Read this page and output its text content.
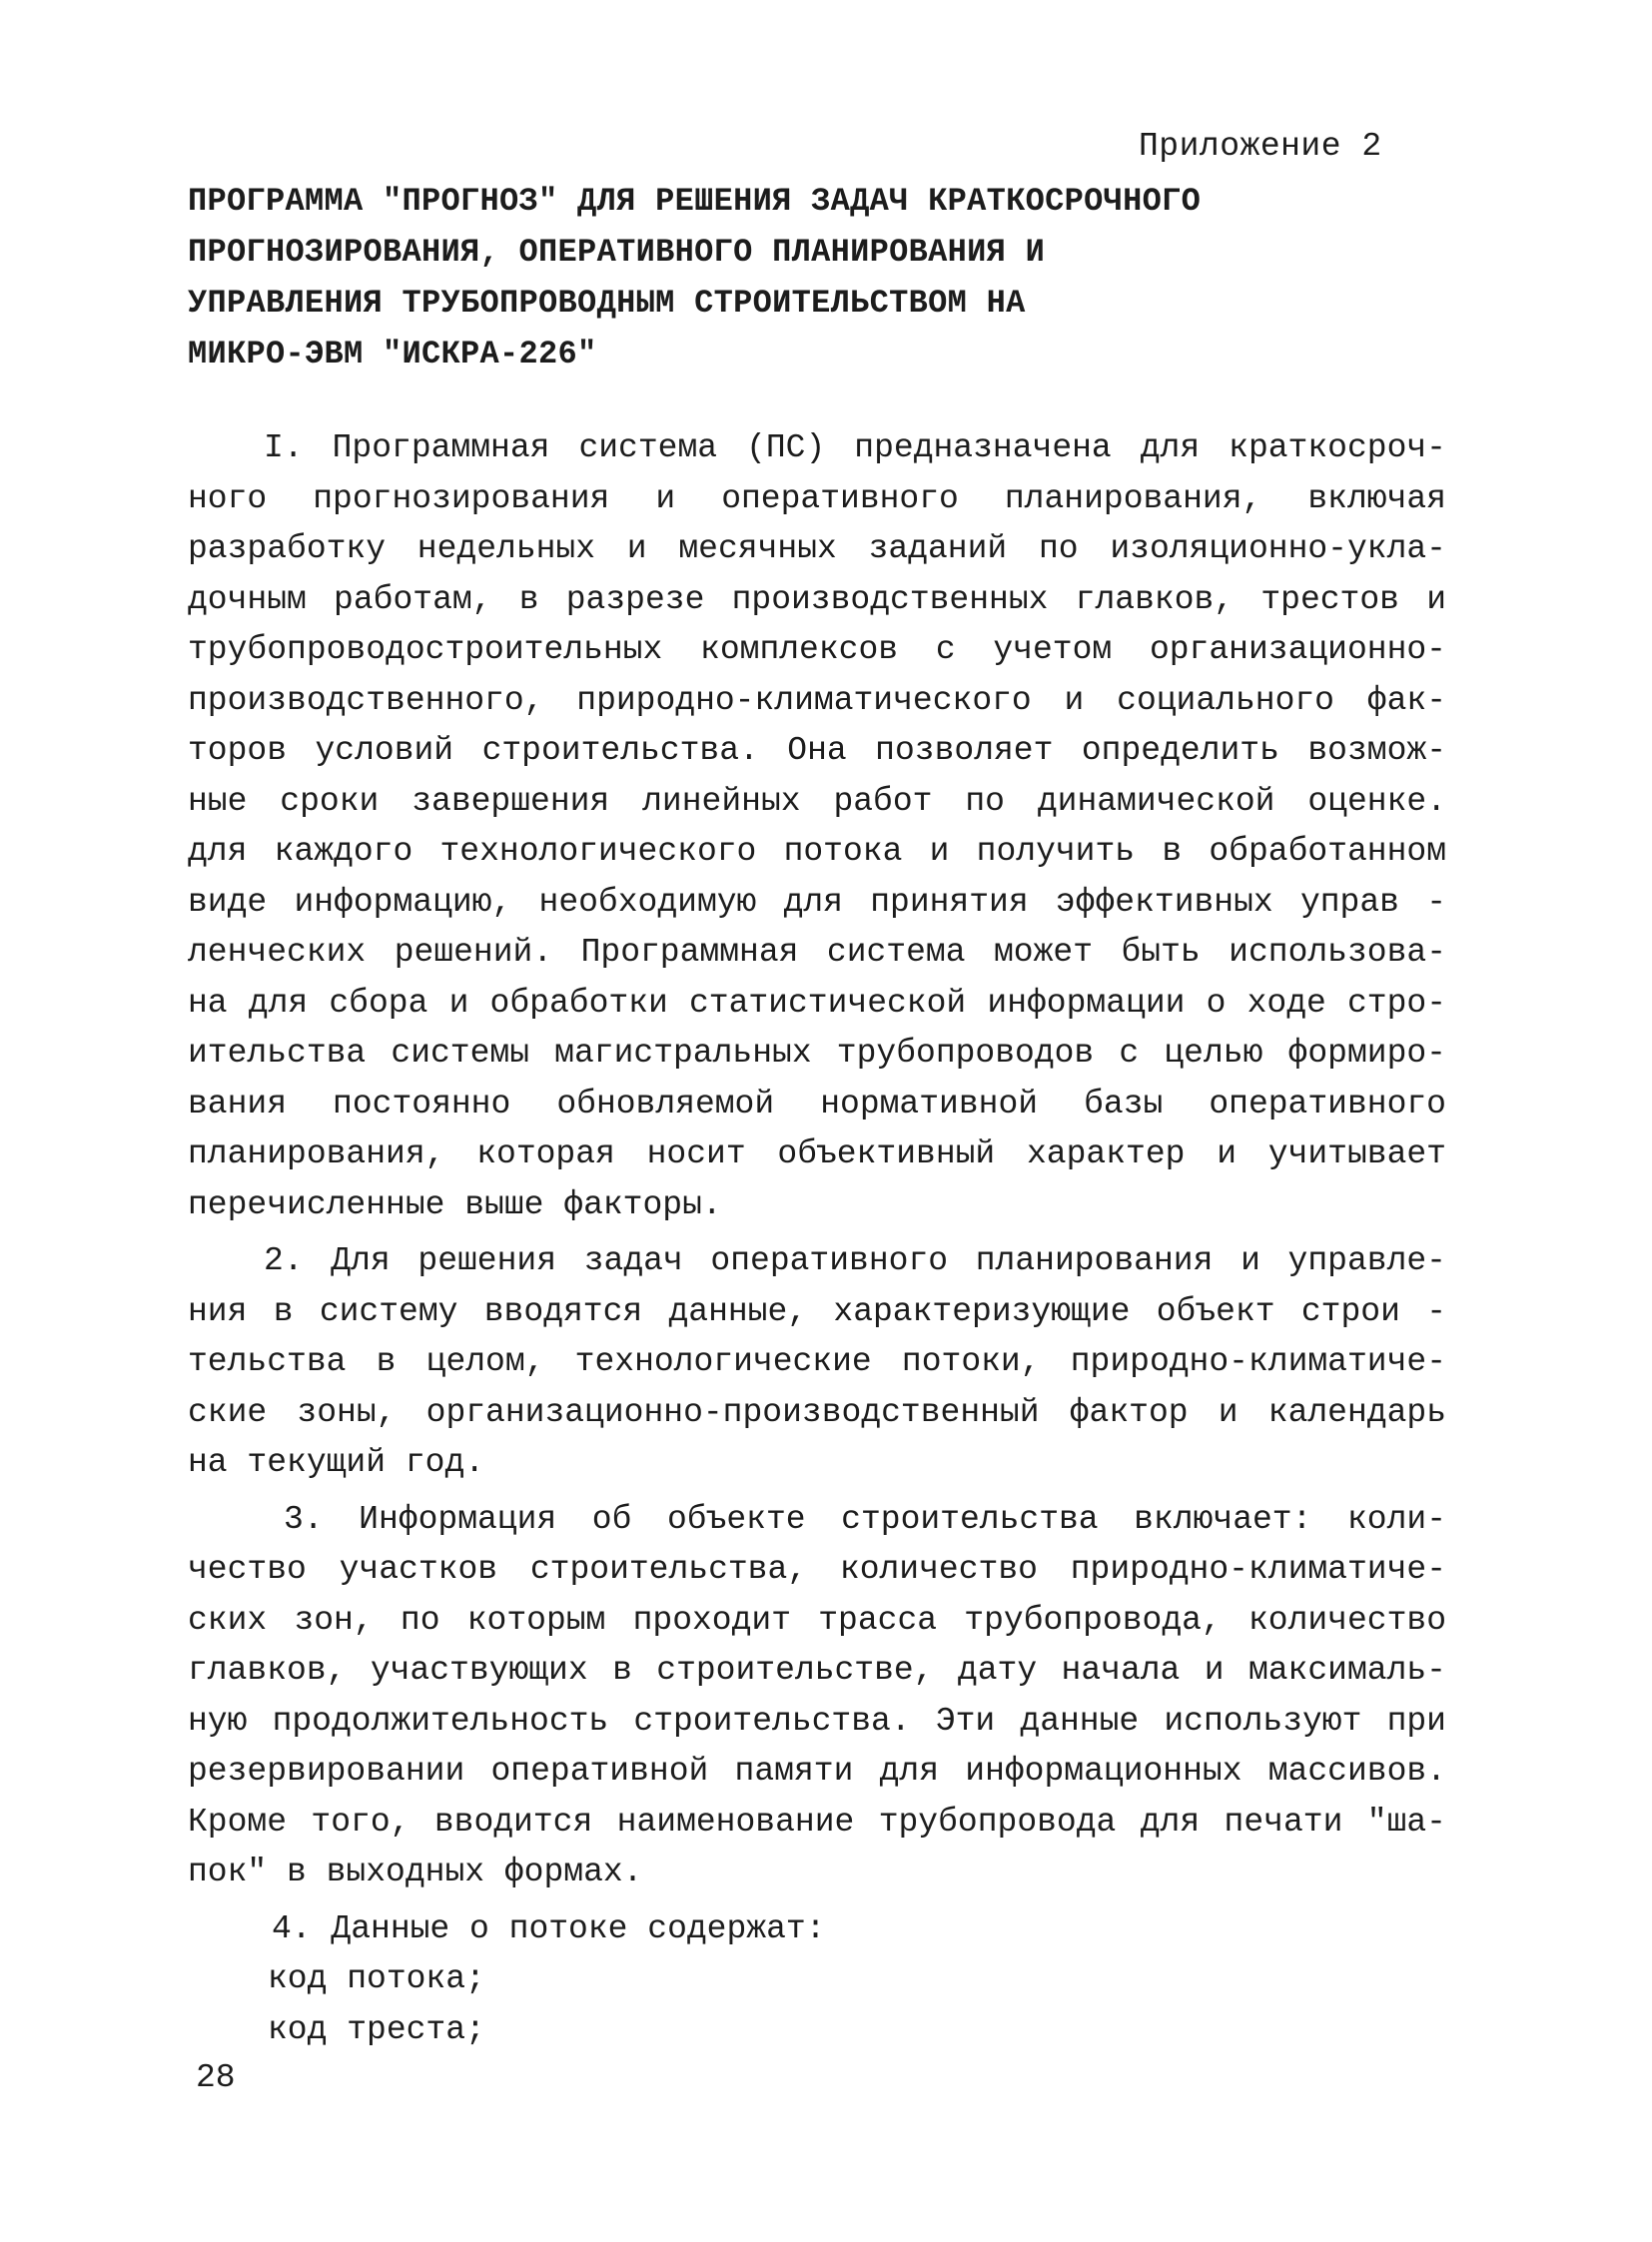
Приложение 2
ПРОГРАММА "ПРОГНОЗ" ДЛЯ РЕШЕНИЯ ЗАДАЧ КРАТКОСРОЧНОГО
ПРОГНОЗИРОВАНИЯ, ОПЕРАТИВНОГО ПЛАНИРОВАНИЯ И
УПРАВЛЕНИЯ ТРУБОПРОВОДНЫМ СТРОИТЕЛЬСТВОМ НА
МИКРО-ЭВМ "ИСКРА-226"
I. Программная система (ПС) предназначена для краткосроч-
ного прогнозирования и оперативного планирования, включая
разработку недельных и месячных заданий по изоляционно-укла-
дочным работам, в разрезе производственных главков, трестов и
трубопроводостроительных комплексов с учетом организационно-
производственного, природно-климатического и социального фак-
торов условий строительства. Она позволяет определить возмож-
ные сроки завершения линейных работ по динамической оценке.
для каждого технологического потока и получить в обработанном
виде информацию, необходимую для принятия эффективных управ -
ленческих решений. Программная система может быть использова-
на для сбора и обработки статистической информации о ходе стро-
ительства системы магистральных трубопроводов с целью формиро-
вания постоянно обновляемой нормативной базы оперативного
планирования, которая носит объективный характер и учитывает
перечисленные выше факторы.
2. Для решения задач оперативного планирования и управле-
ния в систему вводятся данные, характеризующие объект строи -
тельства в целом, технологические потоки, природно-климатиче-
ские зоны, организационно-производственный фактор и календарь
на текущий год.
3. Информация об объекте строительства включает: коли-
чество участков строительства, количество природно-климатиче-
ских зон, по которым проходит трасса трубопровода, количество
главков, участвующих в строительстве, дату начала и максималь-
ную продолжительность строительства. Эти данные используют при
резервировании оперативной памяти для информационных массивов.
Кроме того, вводится наименование трубопровода для печати "ша-
пок" в выходных формах.
4. Данные о потоке содержат:
код потока;
код треста;
28
